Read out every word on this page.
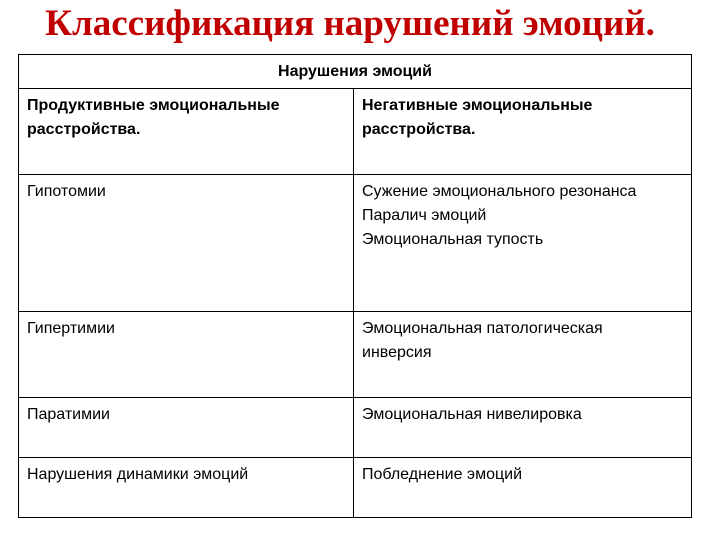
Классификация нарушений эмоций.
Нарушения эмоций	
Продуктивные эмоциональные расстройства.	Негативные эмоциональные расстройства.

Гипотомии	Сужение эмоционального резонанса
Паралич эмоций
Эмоциональная тупость

Гипертимии	Эмоциональная патологическая
инверсия

Паратимии	Эмоциональная нивелировка

Нарушения динамики эмоций	Побледнение эмоций
